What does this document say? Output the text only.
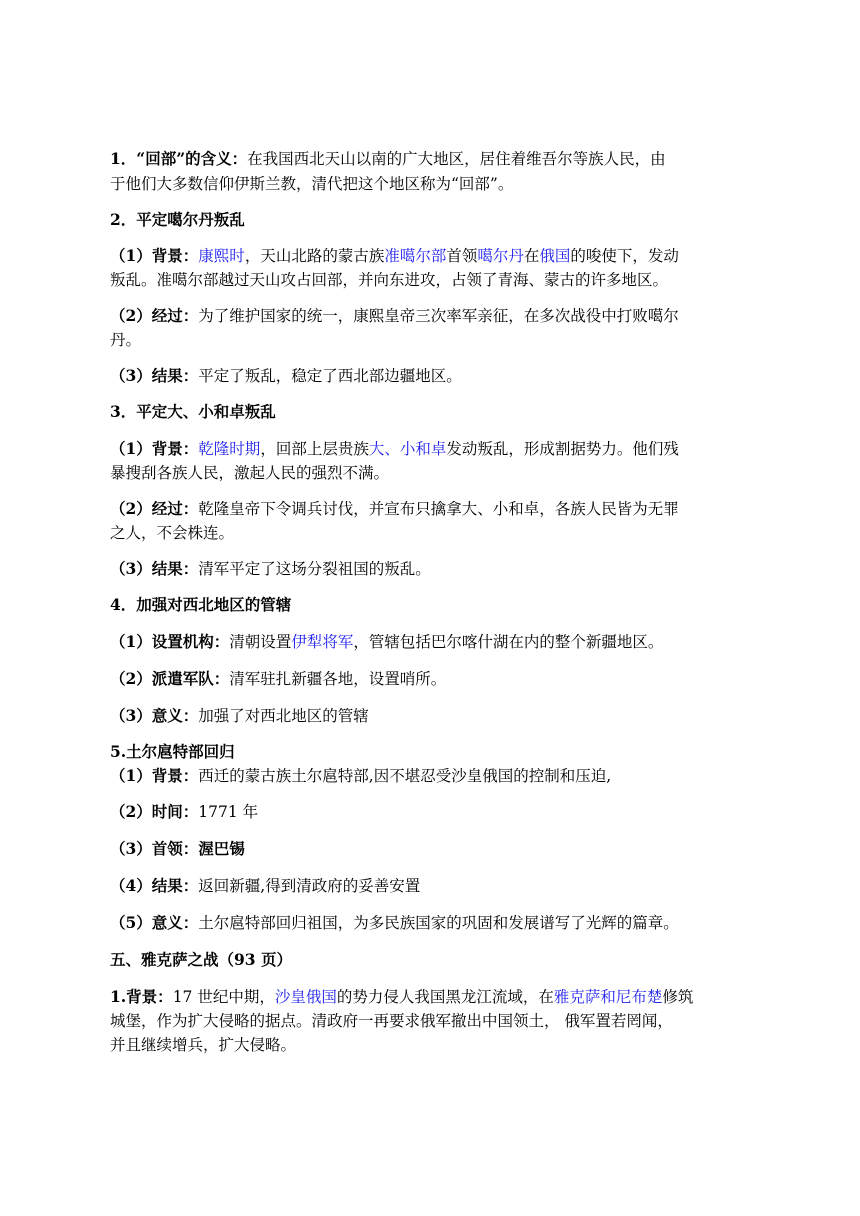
1．“回部”的含义：在我国西北天山以南的广大地区，居住着维吾尔等族人民，由
于他们大多数信仰伊斯兰教，清代把这个地区称为“回部”。
2．平定噶尔丹叛乱
（1）背景：康熙时，天山北路的蒙古族准噶尔部首领噶尔丹在俄国的唆使下，发动
叛乱。准噶尔部越过天山攻占回部，并向东进攻，占领了青海、蒙古的许多地区。
（2）经过：为了维护国家的统一，康熙皇帝三次率军亲征，在多次战役中打败噶尔
丹。
（3）结果：平定了叛乱，稳定了西北部边疆地区。
3．平定大、小和卓叛乱
（1）背景：乾隆时期，回部上层贵族大、小和卓发动叛乱，形成割据势力。他们残
暴搜刮各族人民，激起人民的强烈不满。
（2）经过：乾隆皇帝下令调兵讨伐，并宣布只擒拿大、小和卓，各族人民皆为无罪
之人，不会株连。
（3）结果：清军平定了这场分裂祖国的叛乱。
4．加强对西北地区的管辖
（1）设置机构：清朝设置伊犁将军，管辖包括巴尔喀什湖在内的整个新疆地区。
（2）派遣军队：清军驻扎新疆各地，设置哨所。
（3）意义：加强了对西北地区的管辖
5.土尔扈特部回归
（1）背景：西迁的蒙古族土尔扈特部,因不堪忍受沙皇俄国的控制和压迫,
（2）时间：1771 年
（3）首领：渥巴锡
（4）结果：返回新疆,得到清政府的妥善安置
（5）意义：土尔扈特部回归祖国，为多民族国家的巩固和发展谱写了光辉的篇章。
五、雅克萨之战（93 页）
1.背景：17 世纪中期，沙皇俄国的势力侵人我国黑龙江流域，在雅克萨和尼布楚修筑
城堡，作为扩大侵略的据点。清政府一再要求俄军撤出中国领土， 俄军置若罔闻，
并且继续增兵，扩大侵略。
